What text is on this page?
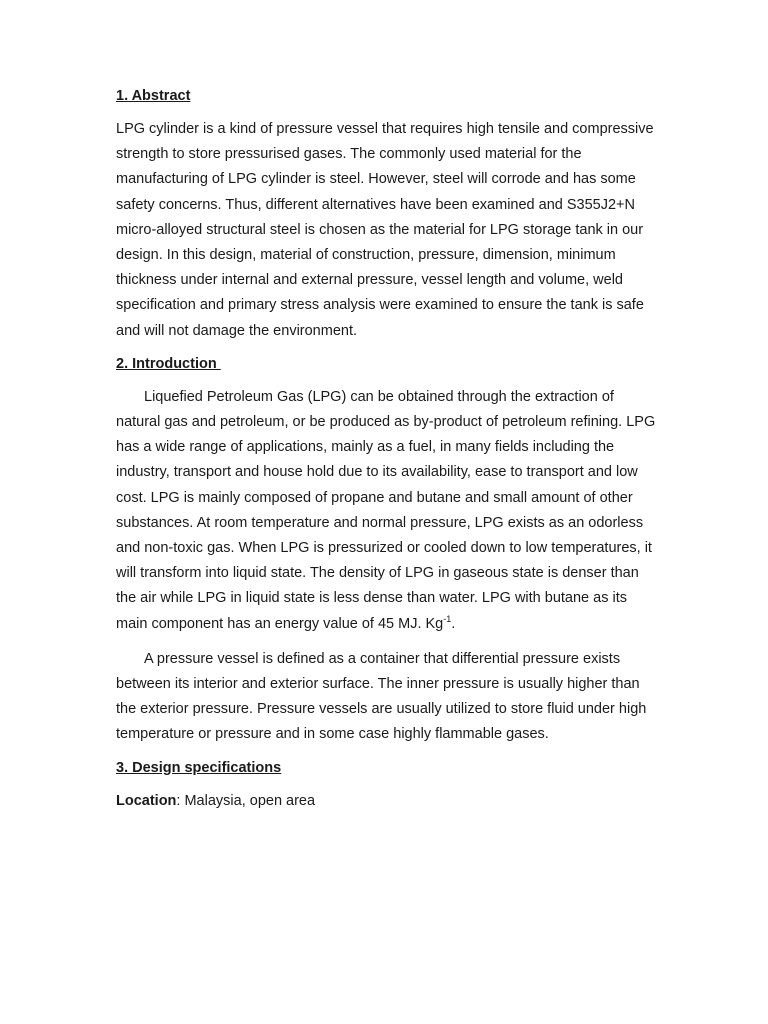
1. Abstract

LPG cylinder is a kind of pressure vessel that requires high tensile and compressive strength to store pressurised gases. The commonly used material for the manufacturing of LPG cylinder is steel. However, steel will corrode and has some safety concerns. Thus, different alternatives have been examined and S355J2+N micro-alloyed structural steel is chosen as the material for LPG storage tank in our design. In this design, material of construction, pressure, dimension, minimum thickness under internal and external pressure, vessel length and volume, weld specification and primary stress analysis were examined to ensure the tank is safe and will not damage the environment.

2. Introduction

Liquefied Petroleum Gas (LPG) can be obtained through the extraction of natural gas and petroleum, or be produced as by-product of petroleum refining. LPG has a wide range of applications, mainly as a fuel, in many fields including the industry, transport and house hold due to its availability, ease to transport and low cost. LPG is mainly composed of propane and butane and small amount of other substances. At room temperature and normal pressure, LPG exists as an odorless and non-toxic gas. When LPG is pressurized or cooled down to low temperatures, it will transform into liquid state. The density of LPG in gaseous state is denser than the air while LPG in liquid state is less dense than water. LPG with butane as its main component has an energy value of 45 MJ. $Kg^{-1}$.

A pressure vessel is defined as a container that differential pressure exists between its interior and exterior surface. The inner pressure is usually higher than the exterior pressure. Pressure vessels are usually utilized to store fluid under high temperature or pressure and in some case highly flammable gases.

3. Design specifications

Location: Malaysia, open area
